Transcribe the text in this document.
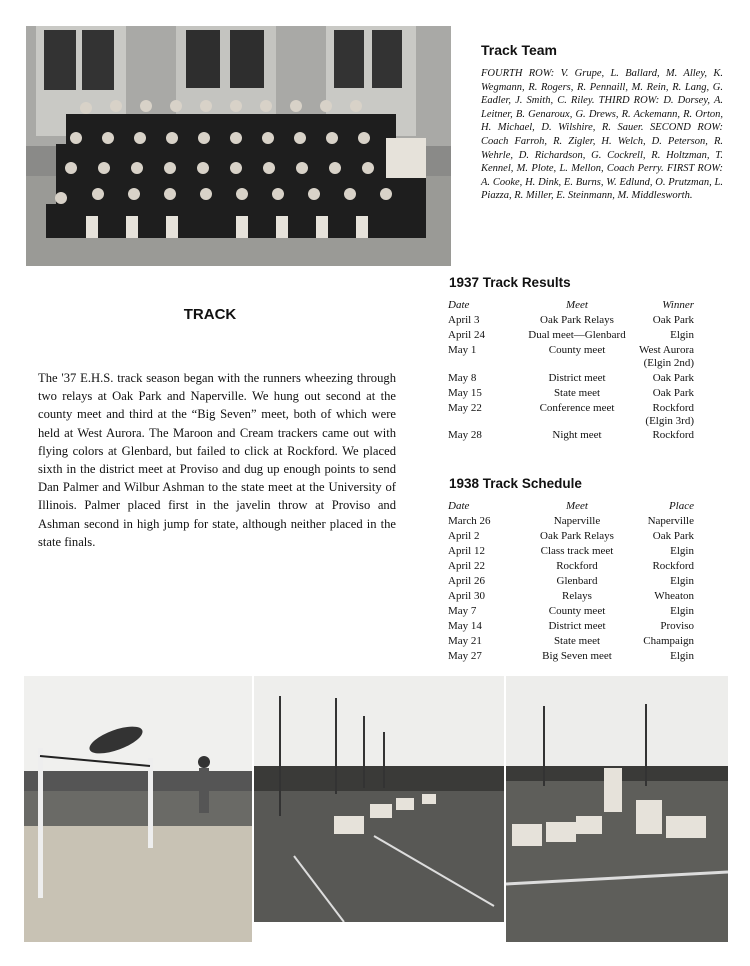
Track Team
FOURTH ROW: V. Grupe, L. Ballard, M. Alley, K. Wegmann, R. Rogers, R. Pennaill, M. Rein, R. Lang, G. Eadler, J. Smith, C. Riley. THIRD ROW: D. Dorsey, A. Leitner, B. Genaroux, G. Drews, R. Ackemann, R. Orton, H. Michael, D. Wilshire, R. Sauer. SECOND ROW: Coach Farroh, R. Zigler, H. Welch, D. Peterson, R. Wehrle, D. Richardson, G. Cockrell, R. Holtzman, T. Kennel, M. Plote, L. Mellon, Coach Perry. FIRST ROW: A. Cooke, H. Dink, E. Burns, W. Edlund, O. Prutzman, L. Piazza, R. Miller, E. Steinmann, M. Middlesworth.
TRACK
The '37 E.H.S. track season began with the runners wheezing through two relays at Oak Park and Naperville. We hung out second at the county meet and third at the “Big Seven” meet, both of which were held at West Aurora. The Maroon and Cream trackers came out with flying colors at Glenbard, but failed to click at Rockford. We placed sixth in the district meet at Proviso and dug up enough points to send Dan Palmer and Wilbur Ashman to the state meet at the University of Illinois. Palmer placed first in the javelin throw at Proviso and Ashman second in high jump for state, although neither placed in the state finals.
1937 Track Results
Date	Meet	Winner
April 3	Oak Park Relays	Oak Park
April 24	Dual meet—Glenbard	Elgin
May 1	County meet	West Aurora
(Elgin 2nd)
May 8	District meet	Oak Park
May 15	State meet	Oak Park
May 22	Conference meet	Rockford
(Elgin 3rd)
May 28	Night meet	Rockford
1938 Track Schedule
Date	Meet	Place
March 26	Naperville	Naperville
April 2	Oak Park Relays	Oak Park
April 12	Class track meet	Elgin
April 22	Rockford	Rockford
April 26	Glenbard	Elgin
April 30	Relays	Wheaton
May 7	County meet	Elgin
May 14	District meet	Proviso
May 21	State meet	Champaign
May 27	Big Seven meet	Elgin
